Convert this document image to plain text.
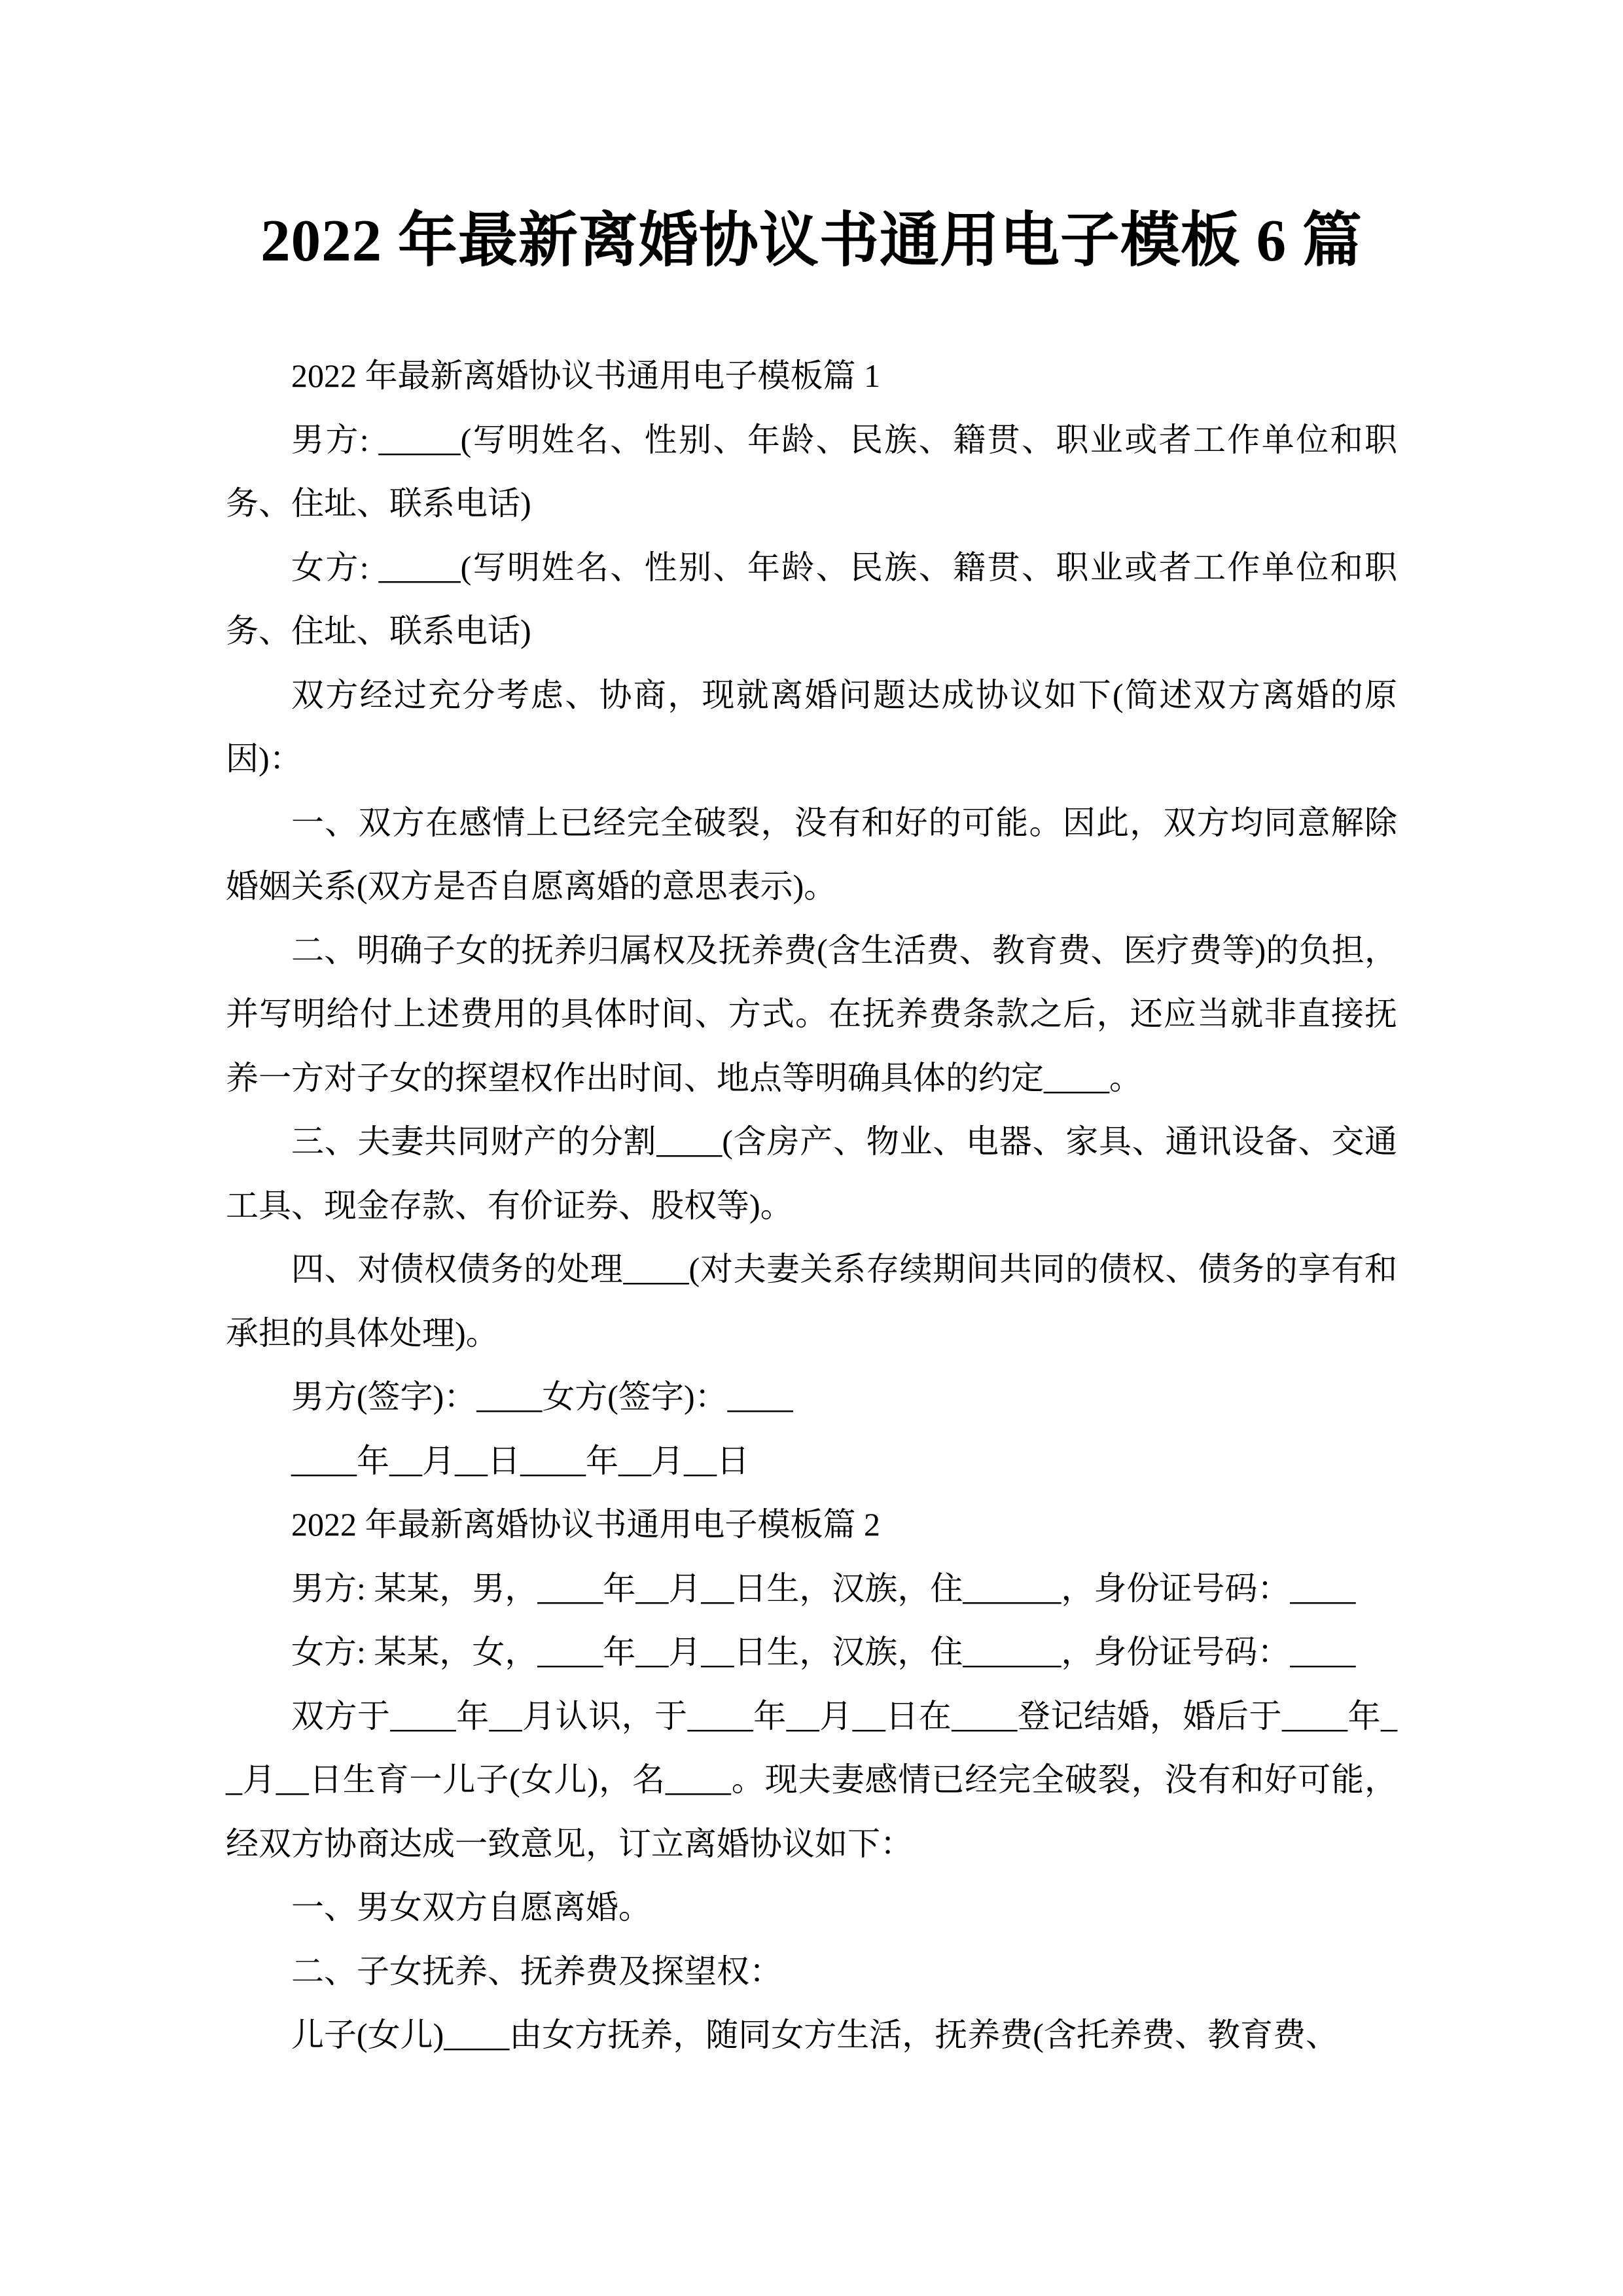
2022 年最新离婚协议书通用电子模板 6 篇

2022 年最新离婚协议书通用电子模板篇 1

男方: _____(写明姓名、性别、年龄、民族、籍贯、职业或者工作单位和职务、住址、联系电话)

女方: _____(写明姓名、性别、年龄、民族、籍贯、职业或者工作单位和职务、住址、联系电话)

双方经过充分考虑、协商，现就离婚问题达成协议如下(简述双方离婚的原因)：

一、双方在感情上已经完全破裂，没有和好的可能。因此，双方均同意解除婚姻关系(双方是否自愿离婚的意思表示)。

二、明确子女的抚养归属权及抚养费(含生活费、教育费、医疗费等)的负担，并写明给付上述费用的具体时间、方式。在抚养费条款之后，还应当就非直接抚养一方对子女的探望权作出时间、地点等明确具体的约定____。

三、夫妻共同财产的分割____(含房产、物业、电器、家具、通讯设备、交通工具、现金存款、有价证券、股权等)。

四、对债权债务的处理____(对夫妻关系存续期间共同的债权、债务的享有和承担的具体处理)。

男方(签字)：____女方(签字)：____

____年__月__日____年__月__日

2022 年最新离婚协议书通用电子模板篇 2

男方: 某某，男，____年__月__日生，汉族，住______，身份证号码：____

女方: 某某，女，____年__月__日生，汉族，住______，身份证号码：____

双方于____年__月认识，于____年__月__日在____登记结婚，婚后于____年__月__日生育一儿子(女儿)，名____。现夫妻感情已经完全破裂，没有和好可能，经双方协商达成一致意见，订立离婚协议如下：

一、男女双方自愿离婚。

二、子女抚养、抚养费及探望权：

儿子(女儿)____由女方抚养，随同女方生活，抚养费(含托养费、教育费、
